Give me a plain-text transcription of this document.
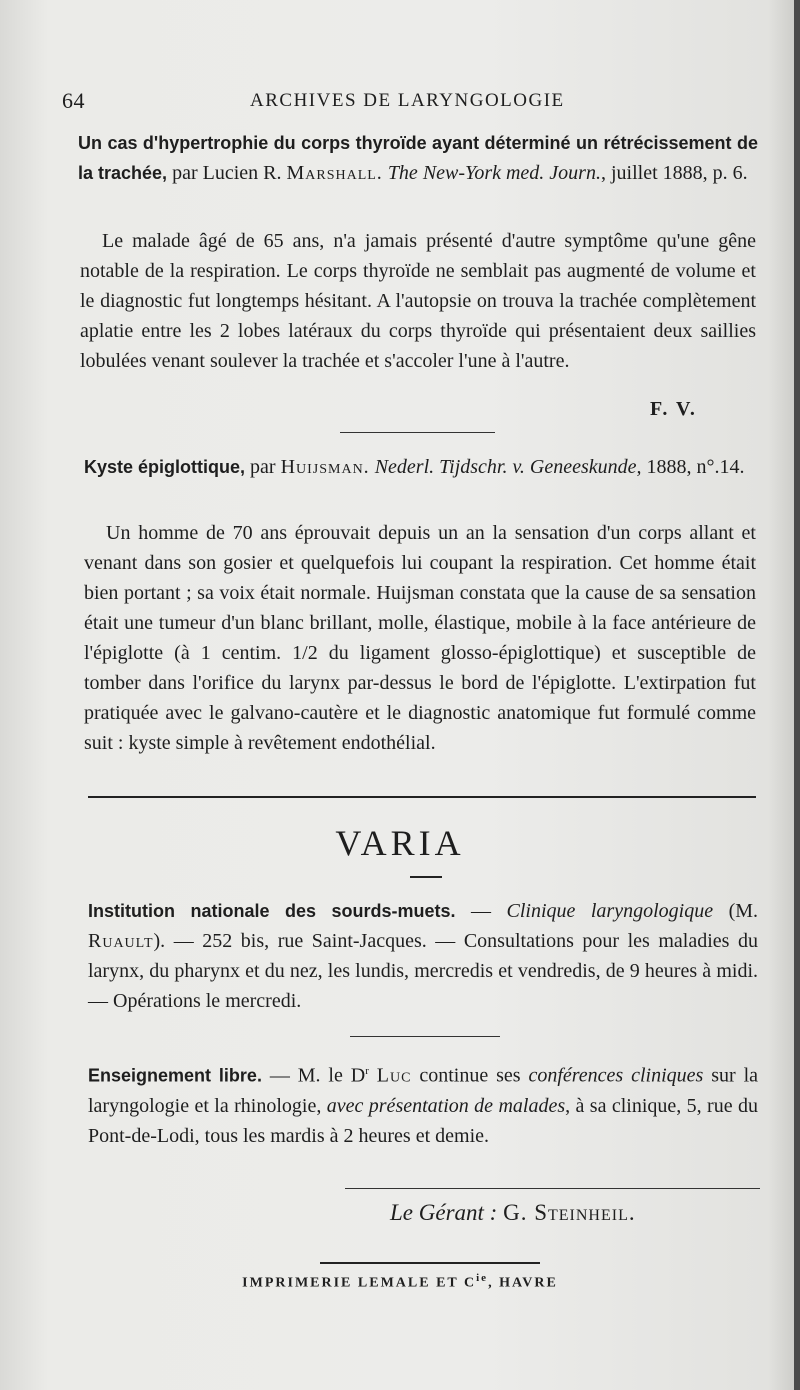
64	ARCHIVES DE LARYNGOLOGIE
Un cas d'hypertrophie du corps thyroïde ayant déterminé un rétrécissement de la trachée, par Lucien R. Marshall. The New-York med. Journ., juillet 1888, p. 6.
Le malade âgé de 65 ans, n'a jamais présenté d'autre symptôme qu'une gêne notable de la respiration. Le corps thyroïde ne semblait pas augmenté de volume et le diagnostic fut longtemps hésitant. A l'autopsie on trouva la trachée complètement aplatie entre les 2 lobes latéraux du corps thyroïde qui présentaient deux saillies lobulées venant soulever la trachée et s'accoler l'une à l'autre.
F. V.
Kyste épiglottique, par Huijsman. Nederl. Tijdschr. v. Geneeskunde, 1888, n°.14.
Un homme de 70 ans éprouvait depuis un an la sensation d'un corps allant et venant dans son gosier et quelquefois lui coupant la respiration. Cet homme était bien portant ; sa voix était normale. Huijsman constata que la cause de sa sensation était une tumeur d'un blanc brillant, molle, élastique, mobile à la face antérieure de l'épiglotte (à 1 centim. 1/2 du ligament glosso-épiglottique) et susceptible de tomber dans l'orifice du larynx par-dessus le bord de l'épiglotte. L'extirpation fut pratiquée avec le galvano-cautère et le diagnostic anatomique fut formulé comme suit : kyste simple à revêtement endothélial.
VARIA
Institution nationale des sourds-muets. — Clinique laryngologique (M. Ruault). — 252 bis, rue Saint-Jacques. — Consultations pour les maladies du larynx, du pharynx et du nez, les lundis, mercredis et vendredis, de 9 heures à midi. — Opérations le mercredi.
Enseignement libre. — M. le $D^r$ Luc continue ses conférences cliniques sur la laryngologie et la rhinologie, avec présentation de malades, à sa clinique, 5, rue du Pont-de-Lodi, tous les mardis à 2 heures et demie.
Le Gérant : G. Steinheil.
IMPRIMERIE LEMALE ET $C^{ie}$, HAVRE
